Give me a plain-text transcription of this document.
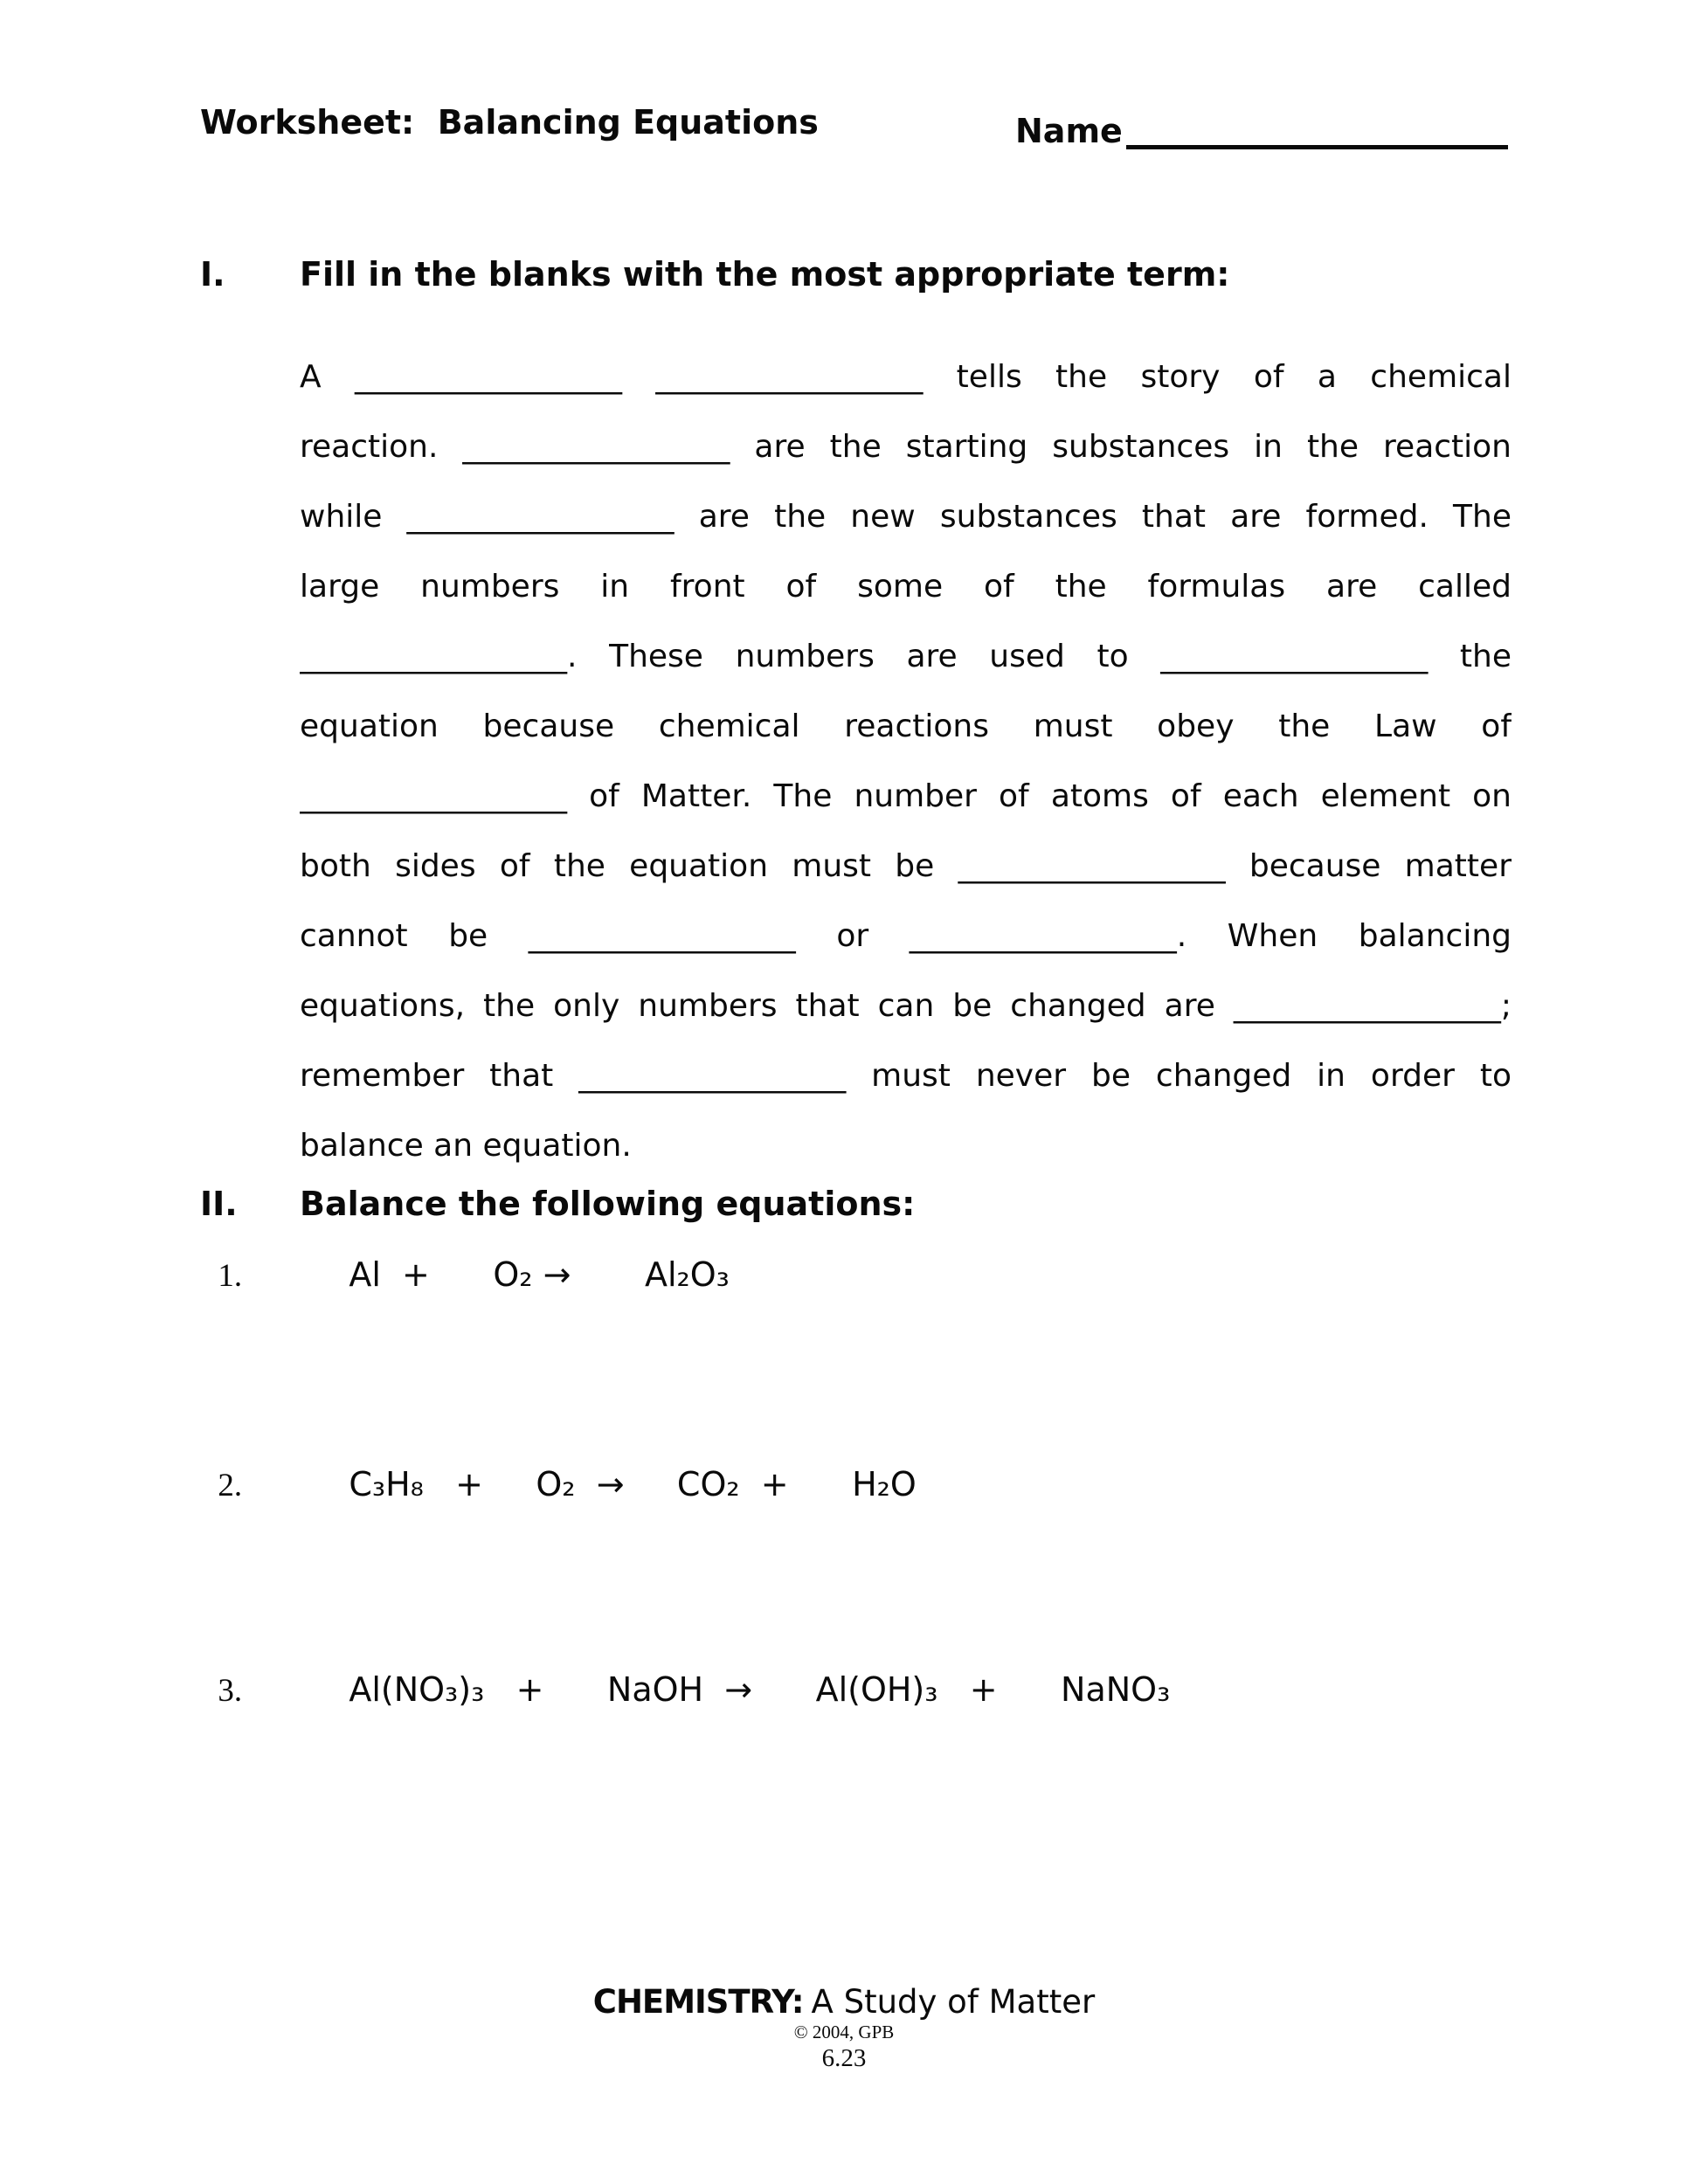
Worksheet:  Balancing Equations	Name
I. Fill in the blanks with the most appropriate term:
A _________________ _________________ tells the story of a chemical
reaction. _________________ are the starting substances in the reaction
while _________________ are the new substances that are formed. The
large numbers in front of some of the formulas are called
_________________. These numbers are used to _________________ the
equation because chemical reactions must obey the Law of
_________________ of Matter. The number of atoms of each element on
both sides of the equation must be _________________ because matter
cannot be _________________ or _________________. When balancing
equations, the only numbers that can be changed are _________________;
remember that _________________ must never be changed in order to
balance an equation.
II. Balance the following equations:

1.	Al  +      O₂ →       Al₂O₃

2.	C₃H₈   +     O₂  →     CO₂  +      H₂O

3.	Al(NO₃)₃   +      NaOH  →      Al(OH)₃   +      NaNO₃

CHEMISTRY: A Study of Matter
© 2004, GPB
6.23
